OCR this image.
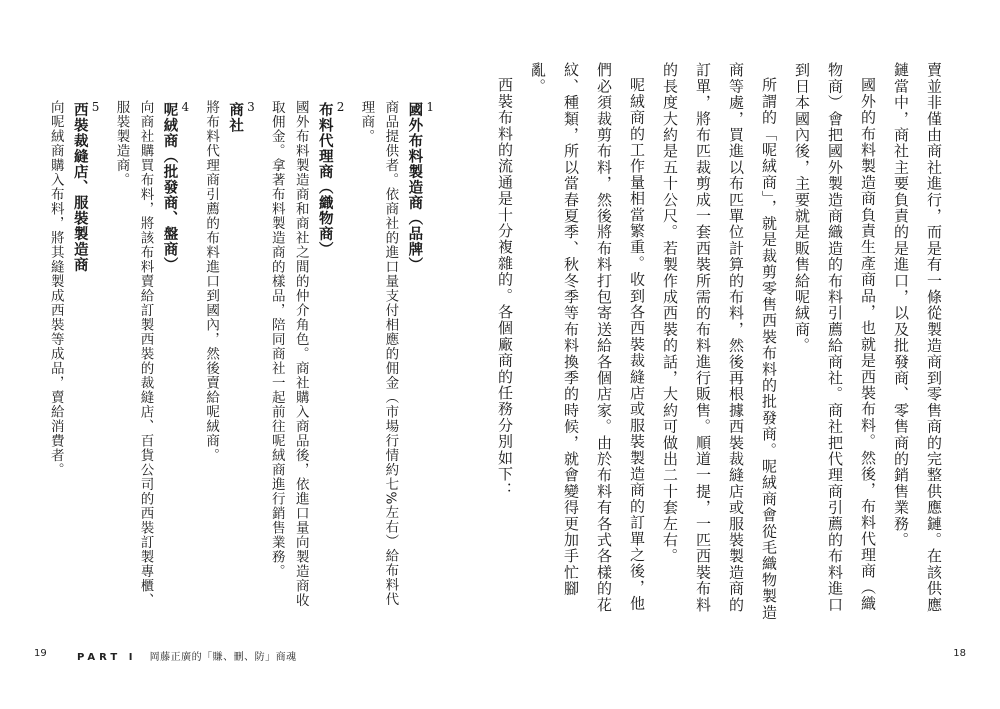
賣並非僅由商社進行，而是有一條從製造商到零售商的完整供應鏈。在該供應鏈當中，商社主要負責的是進口，以及批發商、零售商的銷售業務。
國外的布料製造商負責生產商品，也就是西裝布料。然後，布料代理商（織物商）會把國外製造商織造的布料引薦給商社。商社把代理商引薦的布料進口到日本國內後，主要就是販售給呢絨商。
所謂的「呢絨商」，就是裁剪零售西裝布料的批發商。呢絨商會從毛織物製造商等處，買進以布匹單位計算的布料，然後再根據西裝裁縫店或服裝製造商的訂單，將布匹裁剪成一套西裝所需的布料進行販售。順道一提，一匹西裝布料的長度大約是五十公尺。若製作成西裝的話，大約可做出二十套左右。
呢絨商的工作量相當繁重。收到各西裝裁縫店或服裝製造商的訂單之後，他們必須裁剪布料，然後將布料打包寄送給各個店家。由於布料有各式各樣的花紋、種類，所以當春夏季、秋冬季等布料換季的時候，就會變得更加手忙腳亂。
西裝布料的流通是十分複雜的。各個廠商的任務分別如下：
1
國外布料製造商（品牌）
商品提供者。依商社的進口量支付相應的佣金（市場行情約七%左右）給布料代理商。
2
布料代理商（織物商）
國外布料製造商和商社之間的仲介角色。商社購入商品後，依進口量向製造商收取佣金。拿著布料製造商的樣品，陪同商社一起前往呢絨商進行銷售業務。
3
商社
將布料代理商引薦的布料進口到國內，然後賣給呢絨商。
4
呢絨商（批發商、盤商）
向商社購買布料，將該布料賣給訂製西裝的裁縫店、百貨公司的西裝訂製專櫃、服裝製造商。
5
西裝裁縫店、服裝製造商
向呢絨商購入布料，將其縫製成西裝等成品，賣給消費者。
19	PART I 岡藤正廣的「賺、刪、防」商魂	18
